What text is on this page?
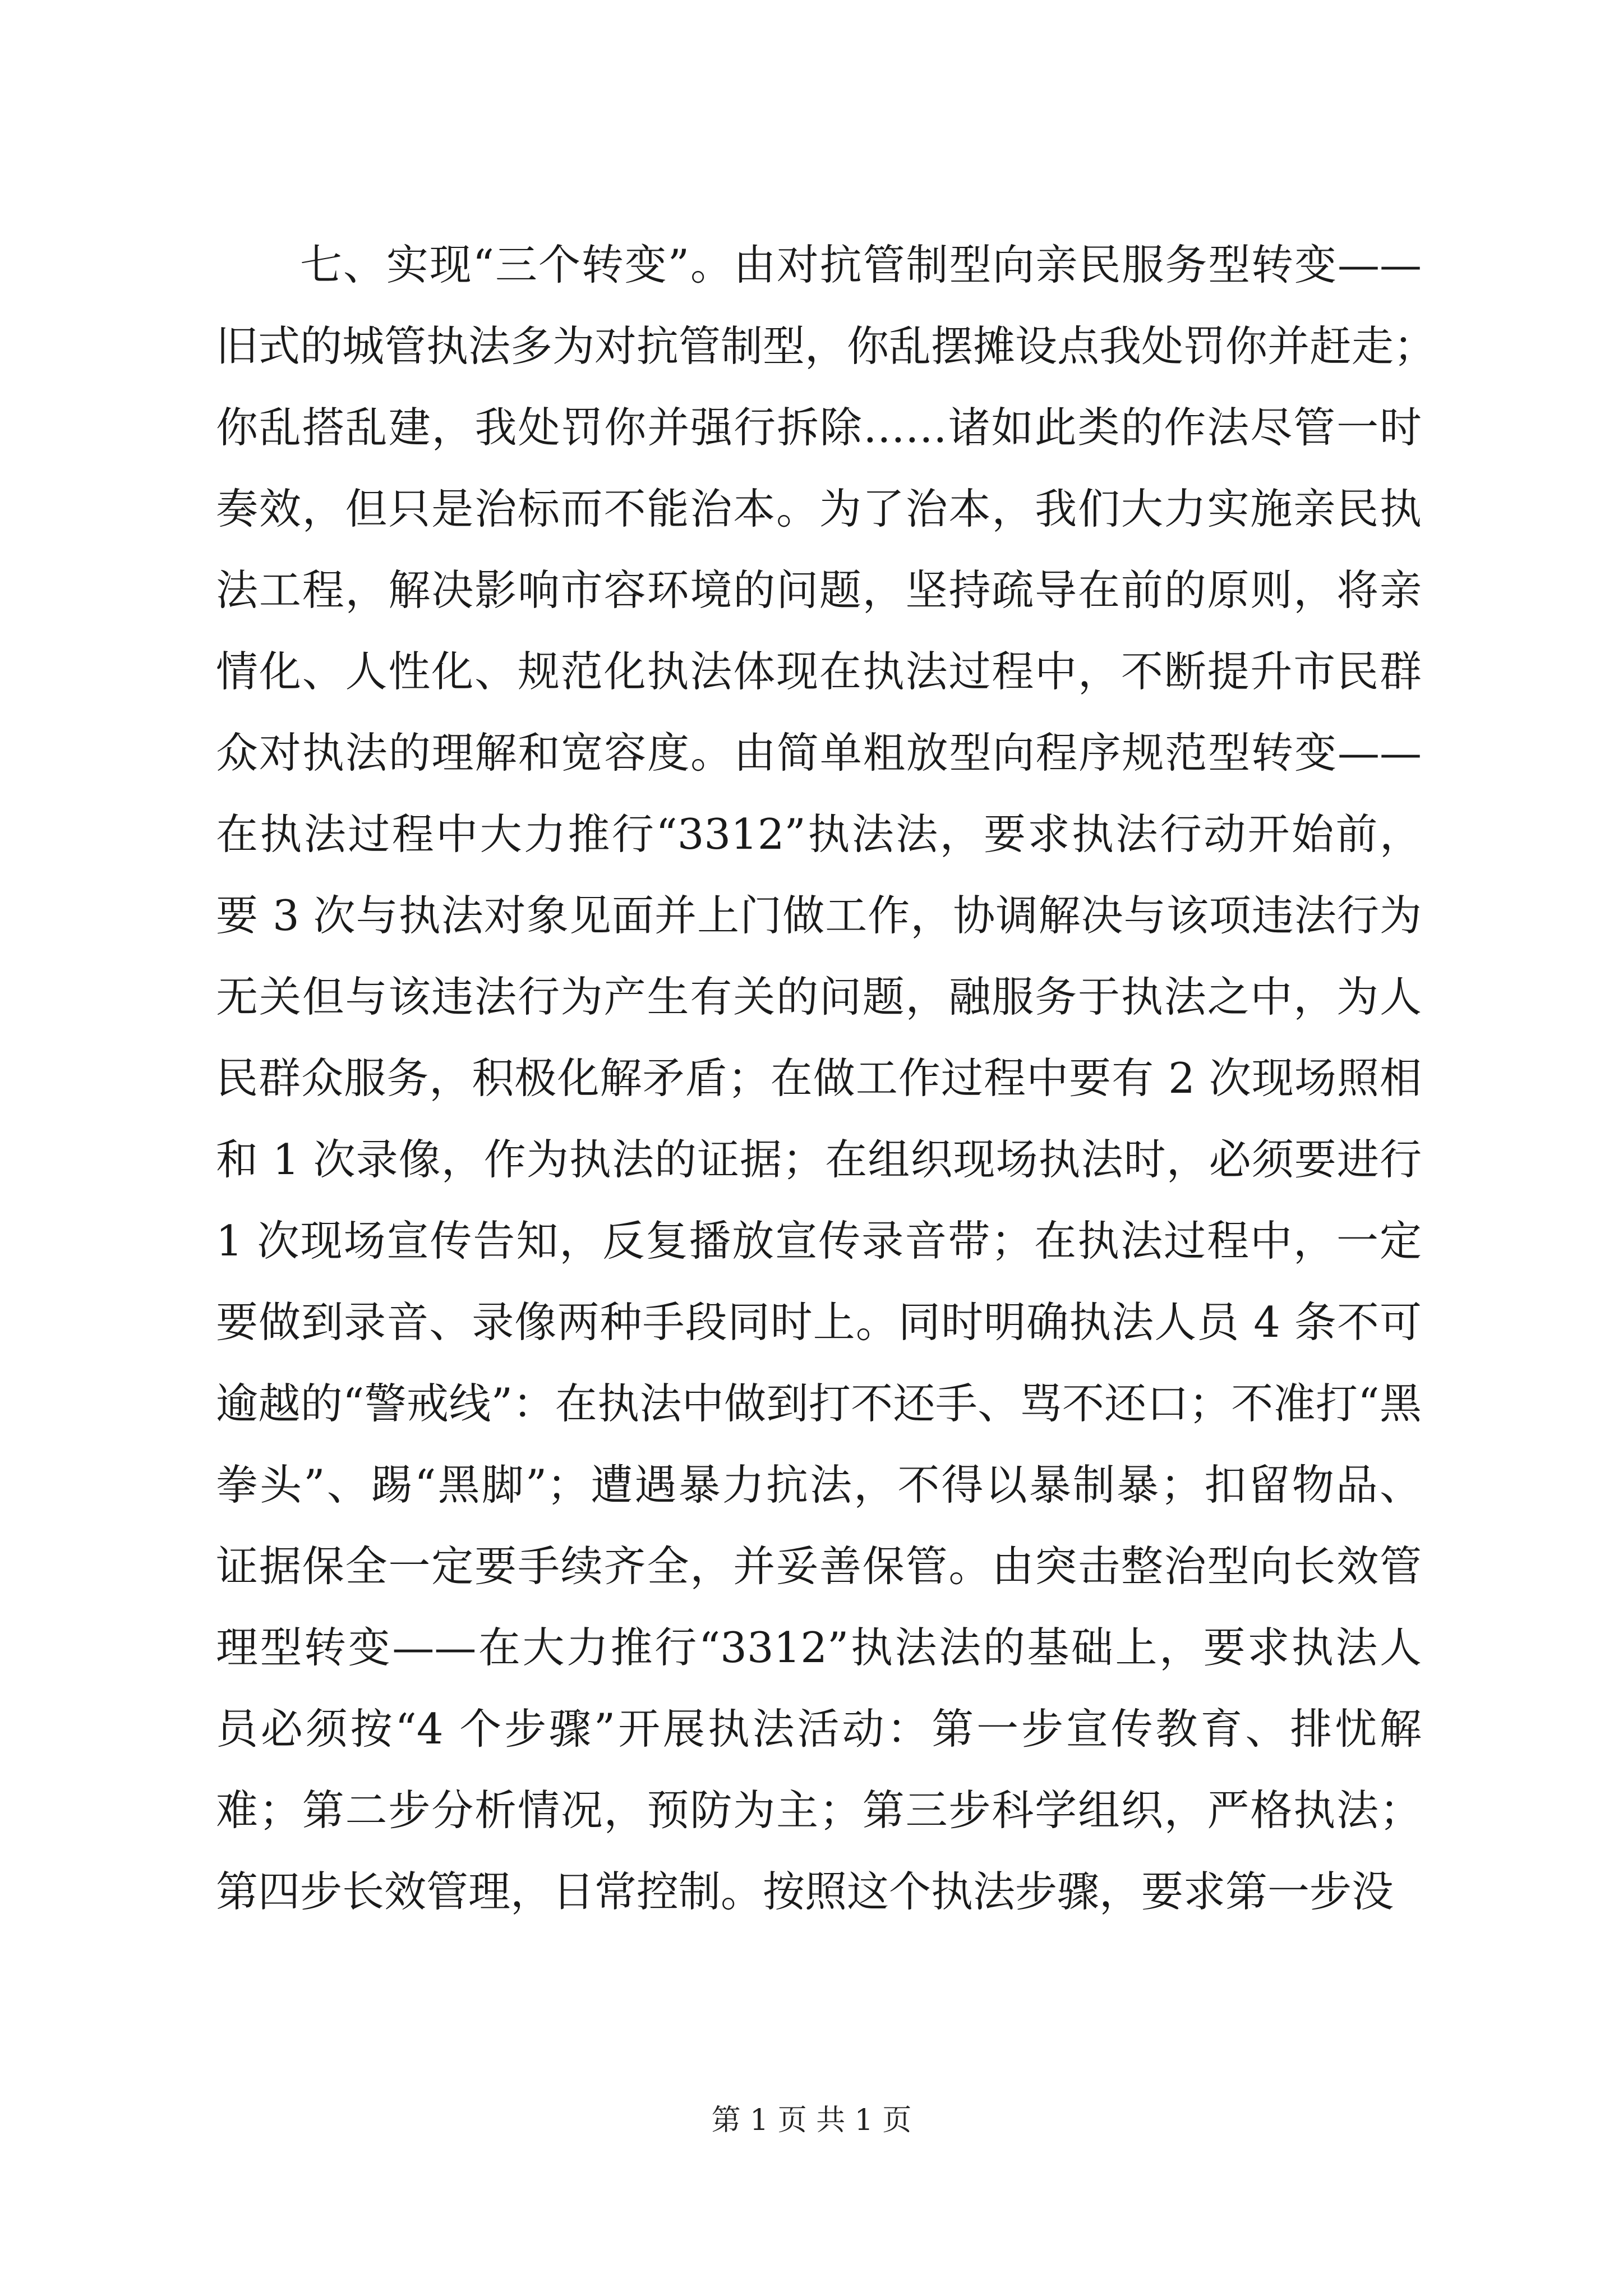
七、实现“三个转变”。由对抗管制型向亲民服务型转变——
旧式的城管执法多为对抗管制型，你乱摆摊设点我处罚你并赶走；
你乱搭乱建，我处罚你并强行拆除……诸如此类的作法尽管一时
奏效，但只是治标而不能治本。为了治本，我们大力实施亲民执
法工程，解决影响市容环境的问题，坚持疏导在前的原则，将亲
情化、人性化、规范化执法体现在执法过程中，不断提升市民群
众对执法的理解和宽容度。由简单粗放型向程序规范型转变——
在执法过程中大力推行“3312”执法法，要求执法行动开始前，
要 3 次与执法对象见面并上门做工作，协调解决与该项违法行为
无关但与该违法行为产生有关的问题，融服务于执法之中，为人
民群众服务，积极化解矛盾；在做工作过程中要有 2 次现场照相
和 1 次录像，作为执法的证据；在组织现场执法时，必须要进行
1 次现场宣传告知，反复播放宣传录音带；在执法过程中，一定
要做到录音、录像两种手段同时上。同时明确执法人员 4 条不可
逾越的“警戒线”：在执法中做到打不还手、骂不还口；不准打“黑
拳头”、踢“黑脚”；遭遇暴力抗法，不得以暴制暴；扣留物品、
证据保全一定要手续齐全，并妥善保管。由突击整治型向长效管
理型转变——在大力推行“3312”执法法的基础上，要求执法人
员必须按“4 个步骤”开展执法活动：第一步宣传教育、排忧解
难；第二步分析情况，预防为主；第三步科学组织，严格执法；
第四步长效管理，日常控制。按照这个执法步骤，要求第一步没
第 1 页 共 1 页
